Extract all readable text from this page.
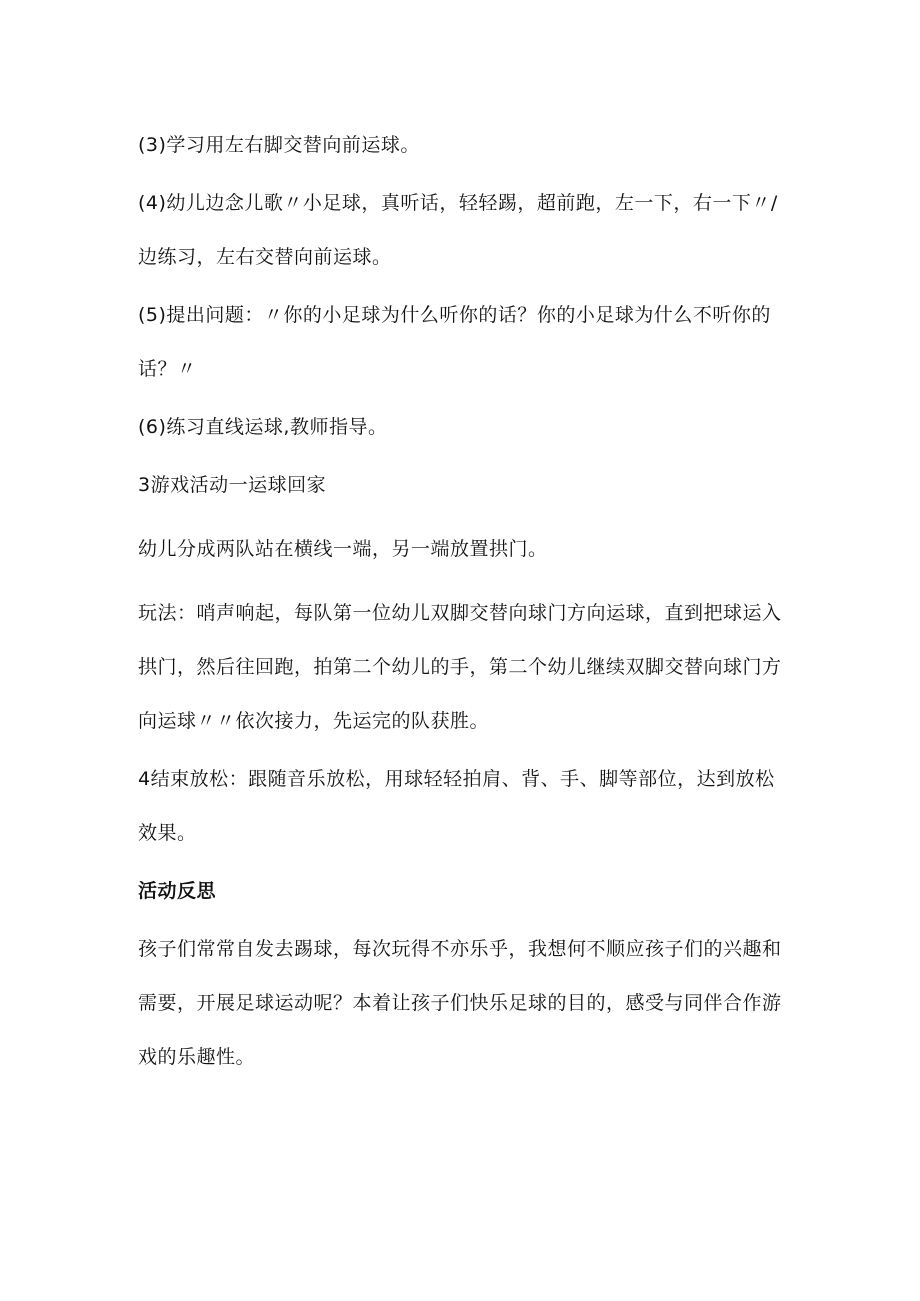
(3)学习用左右脚交替向前运球。

(4)幼儿边念儿歌〃小足球，真听话，轻轻踢，超前跑，左一下，右一下〃/边练习，左右交替向前运球。

(5)提出问题：〃你的小足球为什么听你的话？你的小足球为什么不听你的话？〃

(6)练习直线运球,教师指导。

3游戏活动一运球回家

幼儿分成两队站在横线一端，另一端放置拱门。

玩法：哨声响起，每队第一位幼儿双脚交替向球门方向运球，直到把球运入拱门，然后往回跑，拍第二个幼儿的手，第二个幼儿继续双脚交替向球门方向运球〃〃依次接力，先运完的队获胜。

4结束放松：跟随音乐放松，用球轻轻拍肩、背、手、脚等部位，达到放松效果。

活动反思

孩子们常常自发去踢球，每次玩得不亦乐乎，我想何不顺应孩子们的兴趣和需要，开展足球运动呢？本着让孩子们快乐足球的目的，感受与同伴合作游戏的乐趣性。
